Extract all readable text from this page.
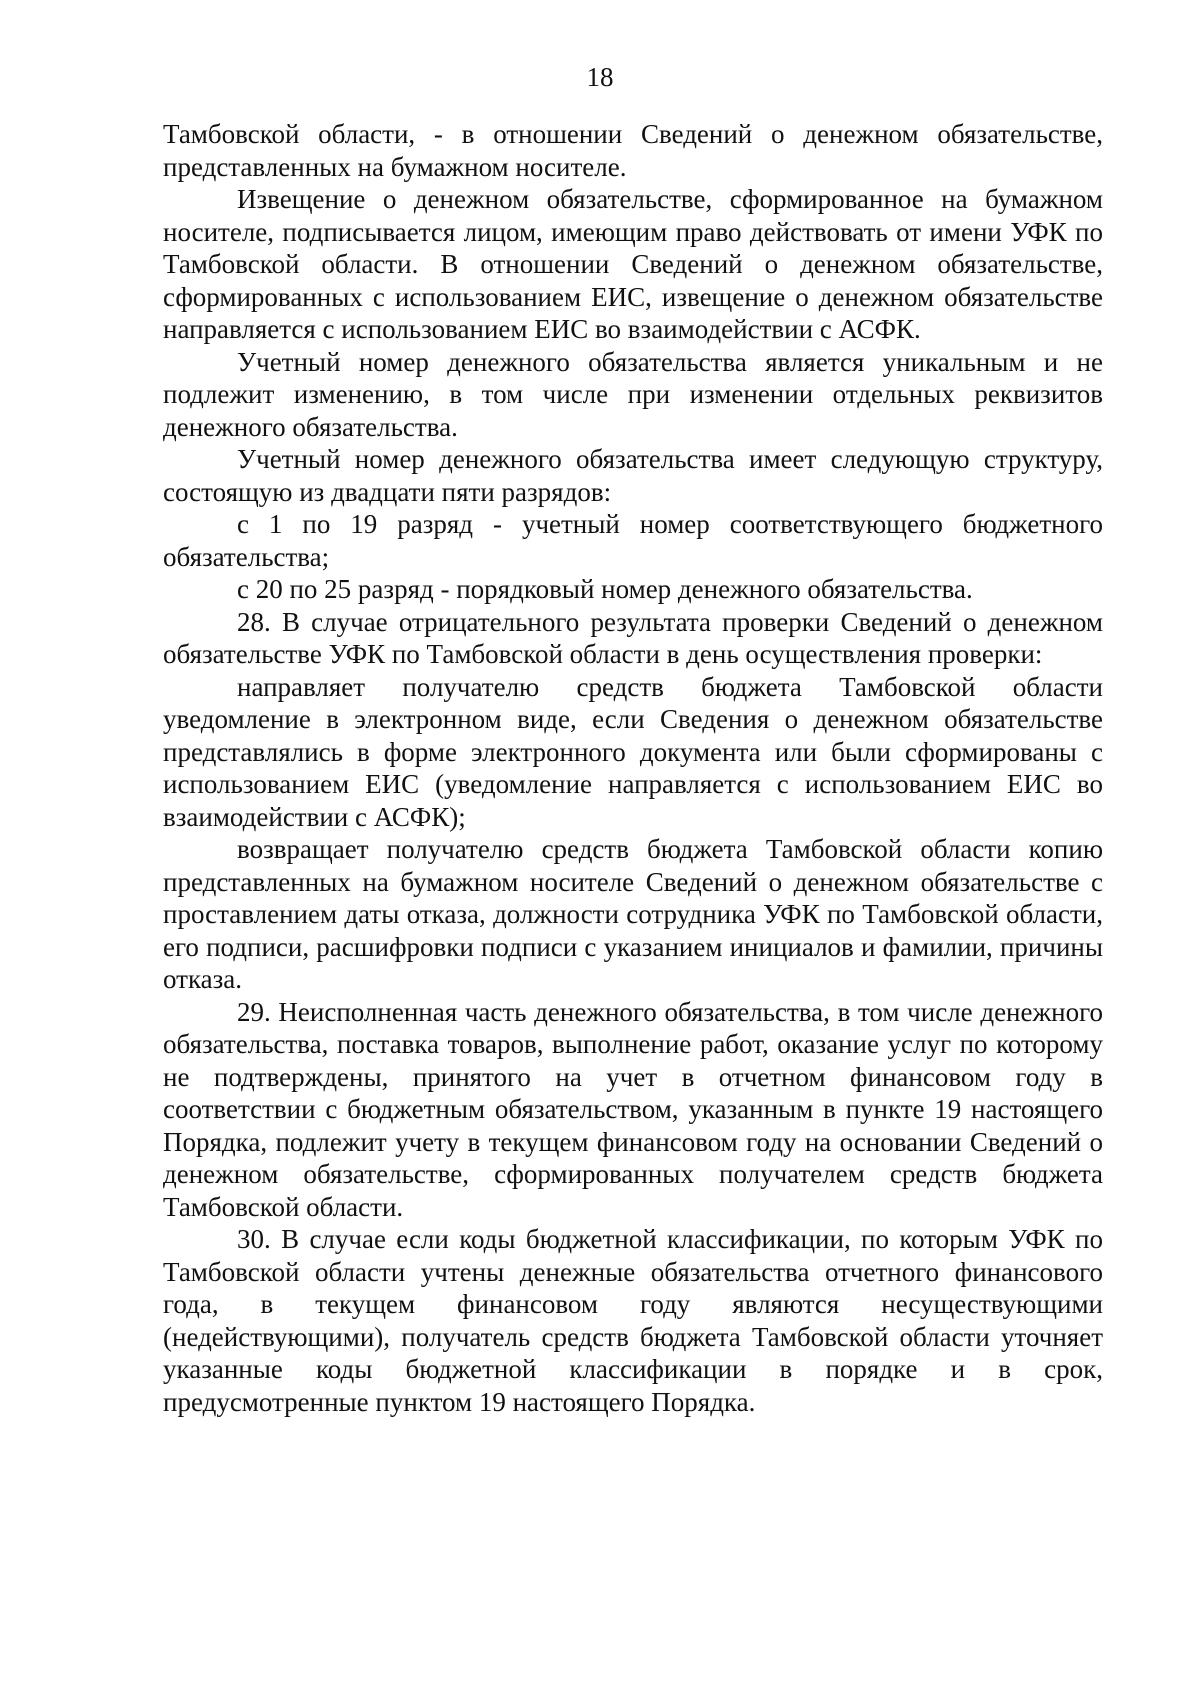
18

Тамбовской области, - в отношении Сведений о денежном обязательстве, представленных на бумажном носителе.

Извещение о денежном обязательстве, сформированное на бумажном носителе, подписывается лицом, имеющим право действовать от имени УФК по Тамбовской области. В отношении Сведений о денежном обязательстве, сформированных с использованием ЕИС, извещение о денежном обязательстве направляется с использованием ЕИС во взаимодействии с АСФК.

Учетный номер денежного обязательства является уникальным и не подлежит изменению, в том числе при изменении отдельных реквизитов денежного обязательства.

Учетный номер денежного обязательства имеет следующую структуру, состоящую из двадцати пяти разрядов:

с 1 по 19 разряд - учетный номер соответствующего бюджетного обязательства;

с 20 по 25 разряд - порядковый номер денежного обязательства.

28. В случае отрицательного результата проверки Сведений о денежном обязательстве УФК по Тамбовской области в день осуществления проверки:

направляет получателю средств бюджета Тамбовской области уведомление в электронном виде, если Сведения о денежном обязательстве представлялись в форме электронного документа или были сформированы с использованием ЕИС (уведомление направляется с использованием ЕИС во взаимодействии с АСФК);

возвращает получателю средств бюджета Тамбовской области копию представленных на бумажном носителе Сведений о денежном обязательстве с проставлением даты отказа, должности сотрудника УФК по Тамбовской области, его подписи, расшифровки подписи с указанием инициалов и фамилии, причины отказа.

29. Неисполненная часть денежного обязательства, в том числе денежного обязательства, поставка товаров, выполнение работ, оказание услуг по которому не подтверждены, принятого на учет в отчетном финансовом году в соответствии с бюджетным обязательством, указанным в пункте 19 настоящего Порядка, подлежит учету в текущем финансовом году на основании Сведений о денежном обязательстве, сформированных получателем средств бюджета Тамбовской области.

30. В случае если коды бюджетной классификации, по которым УФК по Тамбовской области учтены денежные обязательства отчетного финансового года, в текущем финансовом году являются несуществующими (недействующими), получатель средств бюджета Тамбовской области уточняет указанные коды бюджетной классификации в порядке и в срок, предусмотренные пунктом 19 настоящего Порядка.
